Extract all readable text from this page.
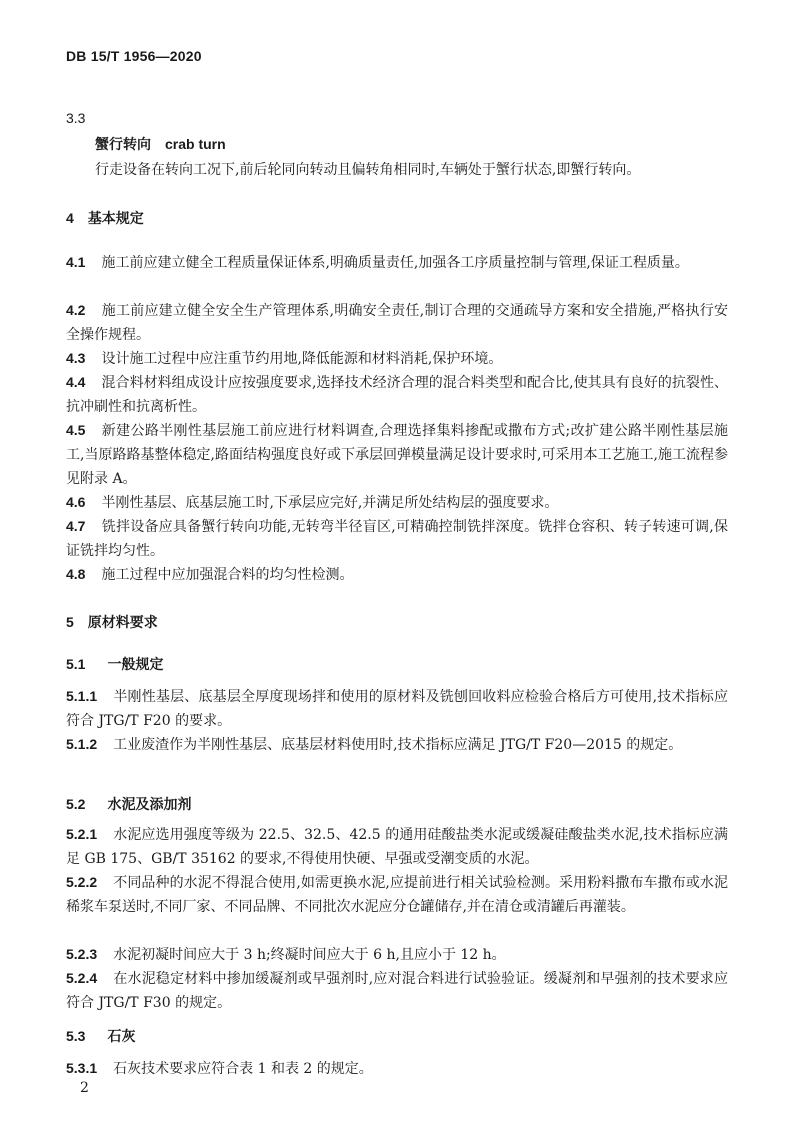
DB 15/T 1956—2020
3.3
蟹行转向 crab turn
行走设备在转向工况下,前后轮同向转动且偏转角相同时,车辆处于蟹行状态,即蟹行转向。
4 基本规定
4.1 施工前应建立健全工程质量保证体系,明确质量责任,加强各工序质量控制与管理,保证工程质量。
4.2 施工前应建立健全安全生产管理体系,明确安全责任,制订合理的交通疏导方案和安全措施,严格执行安全操作规程。
4.3 设计施工过程中应注重节约用地,降低能源和材料消耗,保护环境。
4.4 混合料材料组成设计应按强度要求,选择技术经济合理的混合料类型和配合比,使其具有良好的抗裂性、抗冲刷性和抗离析性。
4.5 新建公路半刚性基层施工前应进行材料调查,合理选择集料掺配或撒布方式;改扩建公路半刚性基层施工,当原路路基整体稳定,路面结构强度良好或下承层回弹模量满足设计要求时,可采用本工艺施工,施工流程参见附录 A。
4.6 半刚性基层、底基层施工时,下承层应完好,并满足所处结构层的强度要求。
4.7 铣拌设备应具备蟹行转向功能,无转弯半径盲区,可精确控制铣拌深度。铣拌仓容积、转子转速可调,保证铣拌均匀性。
4.8 施工过程中应加强混合料的均匀性检测。
5 原材料要求
5.1 一般规定
5.1.1 半刚性基层、底基层全厚度现场拌和使用的原材料及铣刨回收料应检验合格后方可使用,技术指标应符合 JTG/T F20 的要求。
5.1.2 工业废渣作为半刚性基层、底基层材料使用时,技术指标应满足 JTG/T F20—2015 的规定。
5.2 水泥及添加剂
5.2.1 水泥应选用强度等级为 22.5、32.5、42.5 的通用硅酸盐类水泥或缓凝硅酸盐类水泥,技术指标应满足 GB 175、GB/T 35162 的要求,不得使用快硬、早强或受潮变质的水泥。
5.2.2 不同品种的水泥不得混合使用,如需更换水泥,应提前进行相关试验检测。采用粉料撒布车撒布或水泥稀浆车泵送时,不同厂家、不同品牌、不同批次水泥应分仓罐储存,并在清仓或清罐后再灌装。
5.2.3 水泥初凝时间应大于 3 h;终凝时间应大于 6 h,且应小于 12 h。
5.2.4 在水泥稳定材料中掺加缓凝剂或早强剂时,应对混合料进行试验验证。缓凝剂和早强剂的技术要求应符合 JTG/T F30 的规定。
5.3 石灰
5.3.1 石灰技术要求应符合表 1 和表 2 的规定。
2
